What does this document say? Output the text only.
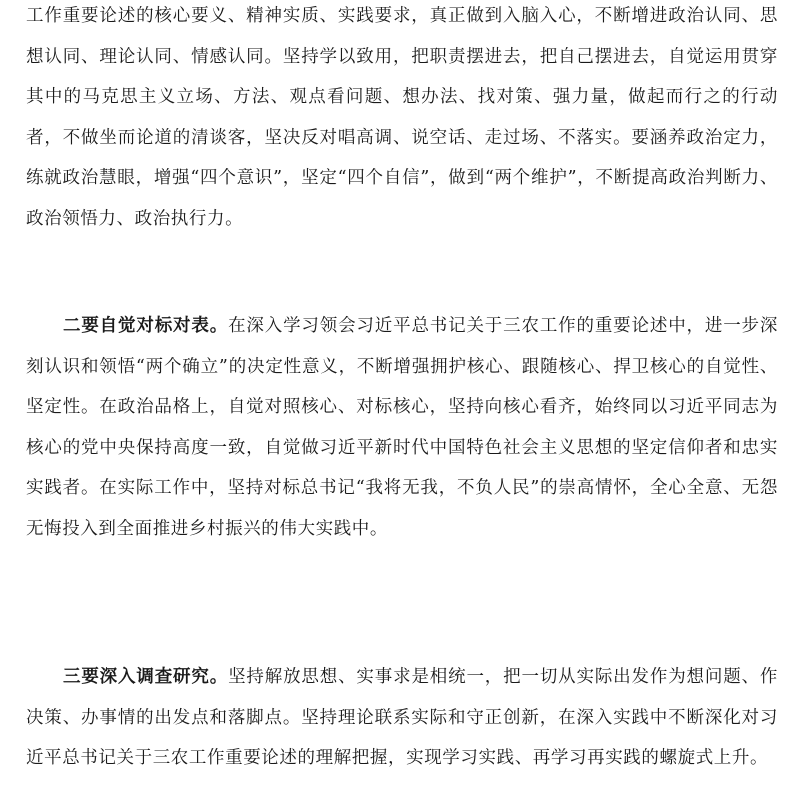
工作重要论述的核心要义、精神实质、实践要求，真正做到入脑入心，不断增进政治认同、思想认同、理论认同、情感认同。坚持学以致用，把职责摆进去，把自己摆进去，自觉运用贯穿其中的马克思主义立场、方法、观点看问题、想办法、找对策、强力量，做起而行之的行动者，不做坐而论道的清谈客，坚决反对唱高调、说空话、走过场、不落实。要涵养政治定力，练就政治慧眼，增强“四个意识”，坚定“四个自信”，做到“两个维护”，不断提高政治判断力、政治领悟力、政治执行力。

二要自觉对标对表。在深入学习领会习近平总书记关于三农工作的重要论述中，进一步深刻认识和领悟“两个确立”的决定性意义，不断增强拥护核心、跟随核心、捍卫核心的自觉性、坚定性。在政治品格上，自觉对照核心、对标核心，坚持向核心看齐，始终同以习近平同志为核心的党中央保持高度一致，自觉做习近平新时代中国特色社会主义思想的坚定信仰者和忠实实践者。在实际工作中，坚持对标总书记“我将无我，不负人民”的崇高情怀，全心全意、无怨无悔投入到全面推进乡村振兴的伟大实践中。

三要深入调查研究。坚持解放思想、实事求是相统一，把一切从实际出发作为想问题、作决策、办事情的出发点和落脚点。坚持理论联系实际和守正创新，在深入实践中不断深化对习近平总书记关于三农工作重要论述的理解把握，实现学习实践、再学习再实践的螺旋式上升。
